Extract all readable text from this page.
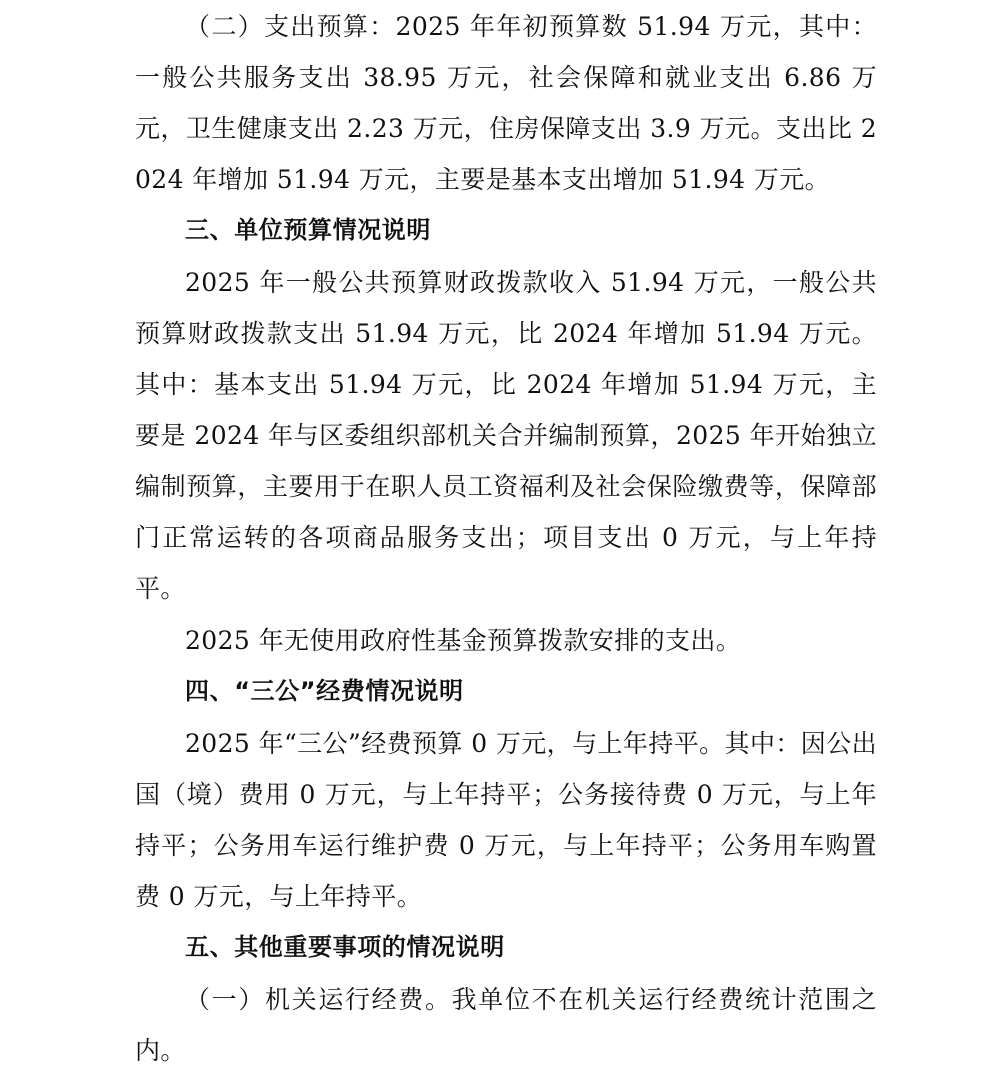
（二）支出预算：2025 年年初预算数 51.94 万元，其中：一般公共服务支出 38.95 万元，社会保障和就业支出 6.86 万元，卫生健康支出 2.23 万元，住房保障支出 3.9 万元。支出比 2024 年增加 51.94 万元，主要是基本支出增加 51.94 万元。

三、单位预算情况说明

2025 年一般公共预算财政拨款收入 51.94 万元，一般公共预算财政拨款支出 51.94 万元，比 2024 年增加 51.94 万元。其中：基本支出 51.94 万元，比 2024 年增加 51.94 万元，主要是 2024 年与区委组织部机关合并编制预算，2025 年开始独立编制预算，主要用于在职人员工资福利及社会保险缴费等，保障部门正常运转的各项商品服务支出；项目支出 0 万元，与上年持平。

2025 年无使用政府性基金预算拨款安排的支出。

四、“三公”经费情况说明

2025 年“三公”经费预算 0 万元，与上年持平。其中：因公出国（境）费用 0 万元，与上年持平；公务接待费 0 万元，与上年持平；公务用车运行维护费 0 万元，与上年持平；公务用车购置费 0 万元，与上年持平。

五、其他重要事项的情况说明

（一）机关运行经费。我单位不在机关运行经费统计范围之内。
